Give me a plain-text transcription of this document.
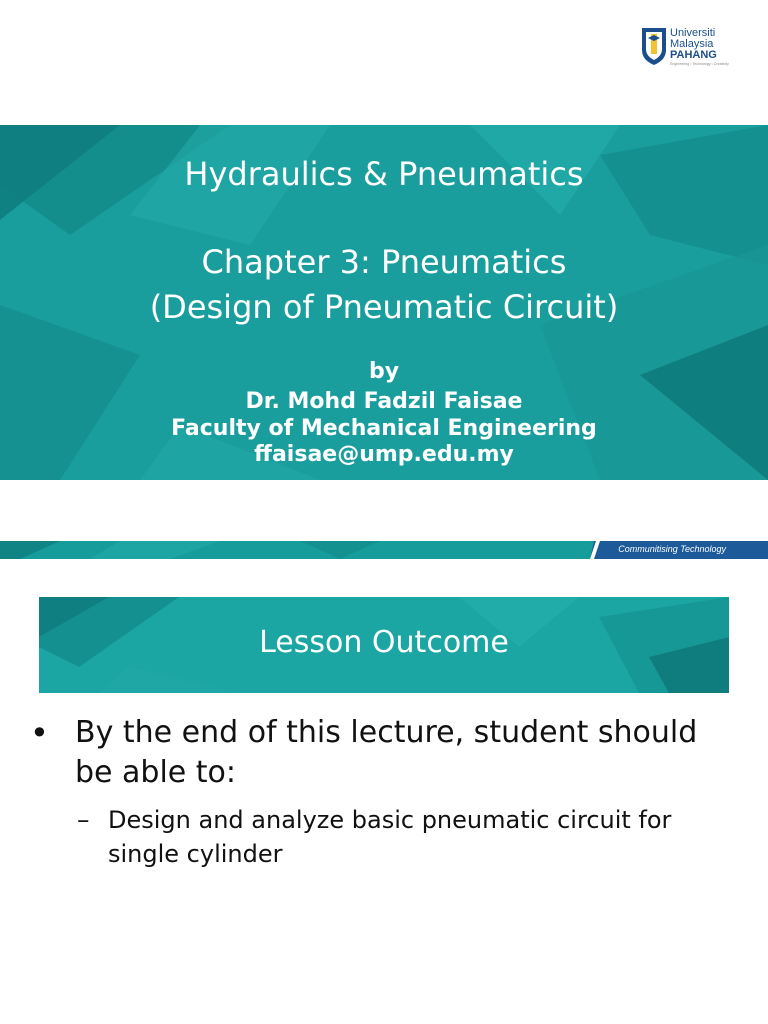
Universiti
Malaysia
PAHANG
Engineering • Technology • Creativity
Hydraulics & Pneumatics
Chapter 3: Pneumatics
(Design of Pneumatic Circuit)
by
Dr. Mohd Fadzil Faisae
Faculty of Mechanical Engineering
ffaisae@ump.edu.my
Communitising Technology
Lesson Outcome
• By the end of this lecture, student should be able to:
– Design and analyze basic pneumatic circuit for single cylinder
